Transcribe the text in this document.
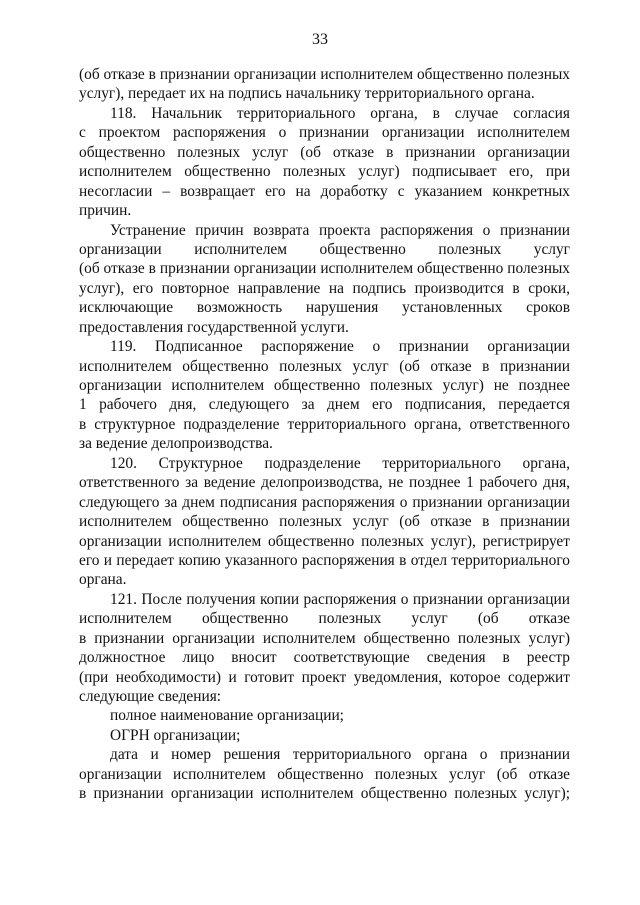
33
(об отказе в признании организации исполнителем общественно полезных
услуг), передает их на подпись начальнику территориального органа.
118. Начальник территориального органа, в случае согласия
с проектом распоряжения о признании организации исполнителем
общественно полезных услуг (об отказе в признании организации
исполнителем общественно полезных услуг) подписывает его, при
несогласии – возвращает его на доработку с указанием конкретных
причин.
Устранение причин возврата проекта распоряжения о признании
организации исполнителем общественно полезных услуг
(об отказе в признании организации исполнителем общественно полезных
услуг), его повторное направление на подпись производится в сроки,
исключающие возможность нарушения установленных сроков
предоставления государственной услуги.
119. Подписанное распоряжение о признании организации
исполнителем общественно полезных услуг (об отказе в признании
организации исполнителем общественно полезных услуг) не позднее
1 рабочего дня, следующего за днем его подписания, передается
в структурное подразделение территориального органа, ответственного
за ведение делопроизводства.
120. Структурное подразделение территориального органа,
ответственного за ведение делопроизводства, не позднее 1 рабочего дня,
следующего за днем подписания распоряжения о признании организации
исполнителем общественно полезных услуг (об отказе в признании
организации исполнителем общественно полезных услуг), регистрирует
его и передает копию указанного распоряжения в отдел территориального
органа.
121. После получения копии распоряжения о признании организации
исполнителем общественно полезных услуг (об отказе
в признании организации исполнителем общественно полезных услуг)
должностное лицо вносит соответствующие сведения в реестр
(при необходимости) и готовит проект уведомления, которое содержит
следующие сведения:
полное наименование организации;
ОГРН организации;
дата и номер решения территориального органа о признании
организации исполнителем общественно полезных услуг (об отказе
в признании организации исполнителем общественно полезных услуг);
